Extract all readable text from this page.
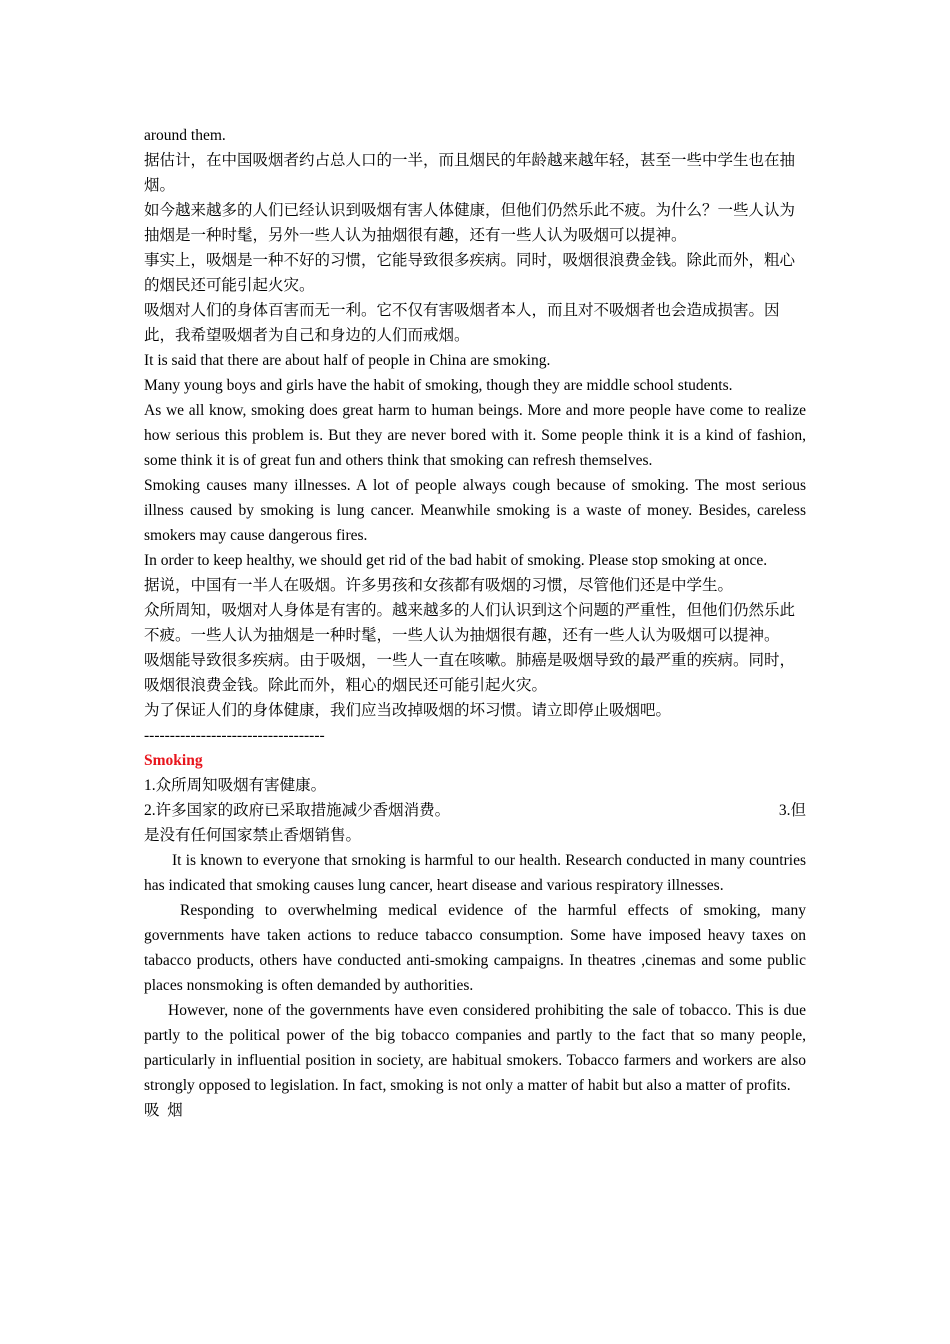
around them.

据估计，在中国吸烟者约占总人口的一半，而且烟民的年龄越来越年轻，甚至一些中学生也在抽烟。

如今越来越多的人们已经认识到吸烟有害人体健康，但他们仍然乐此不疲。为什么？一些人认为抽烟是一种时髦，另外一些人认为抽烟很有趣，还有一些人认为吸烟可以提神。

事实上，吸烟是一种不好的习惯，它能导致很多疾病。同时，吸烟很浪费金钱。除此而外，粗心的烟民还可能引起火灾。

吸烟对人们的身体百害而无一利。它不仅有害吸烟者本人，而且对不吸烟者也会造成损害。因此，我希望吸烟者为自己和身边的人们而戒烟。

It is said that there are about half of people in China are smoking.

Many young boys and girls have the habit of smoking, though they are middle school students.

As we all know, smoking does great harm to human beings. More and more people have come to realize how serious this problem is. But they are never bored with it. Some people think it is a kind of fashion, some think it is of great fun and others think that smoking can refresh themselves.

Smoking causes many illnesses. A lot of people always cough because of smoking. The most serious illness caused by smoking is lung cancer. Meanwhile smoking is a waste of money. Besides, careless smokers may cause dangerous fires.

In order to keep healthy, we should get rid of the bad habit of smoking. Please stop smoking at once.

据说，中国有一半人在吸烟。许多男孩和女孩都有吸烟的习惯，尽管他们还是中学生。

众所周知，吸烟对人身体是有害的。越来越多的人们认识到这个问题的严重性，但他们仍然乐此不疲。一些人认为抽烟是一种时髦，一些人认为抽烟很有趣，还有一些人认为吸烟可以提神。

吸烟能导致很多疾病。由于吸烟，一些人一直在咳嗽。肺癌是吸烟导致的最严重的疾病。同时，吸烟很浪费金钱。除此而外，粗心的烟民还可能引起火灾。

为了保证人们的身体健康，我们应当改掉吸烟的坏习惯。请立即停止吸烟吧。

-----------------------------------

Smoking

1.众所周知吸烟有害健康。

2.许多国家的政府已采取措施减少香烟消费。	3.但

是没有任何国家禁止香烟销售。

It is known to everyone that srnoking is harmful to our health. Research conducted in many countries has indicated that smoking causes lung cancer, heart disease and various respiratory illnesses.

Responding to overwhelming medical evidence of the harmful effects of smoking, many governments have taken actions to reduce tabacco consumption. Some have imposed heavy taxes on tabacco products, others have conducted anti-smoking campaigns. In theatres ,cinemas and some public places nonsmoking is often demanded by authorities.

However, none of the governments have even considered prohibiting the sale of tobacco. This is due partly to the political power of the big tobacco companies and partly to the fact that so many people, particularly in influential position in society, are habitual smokers. Tobacco farmers and workers are also strongly opposed to legislation. In fact, smoking is not only a matter of habit but also a matter of profits.

吸  烟
